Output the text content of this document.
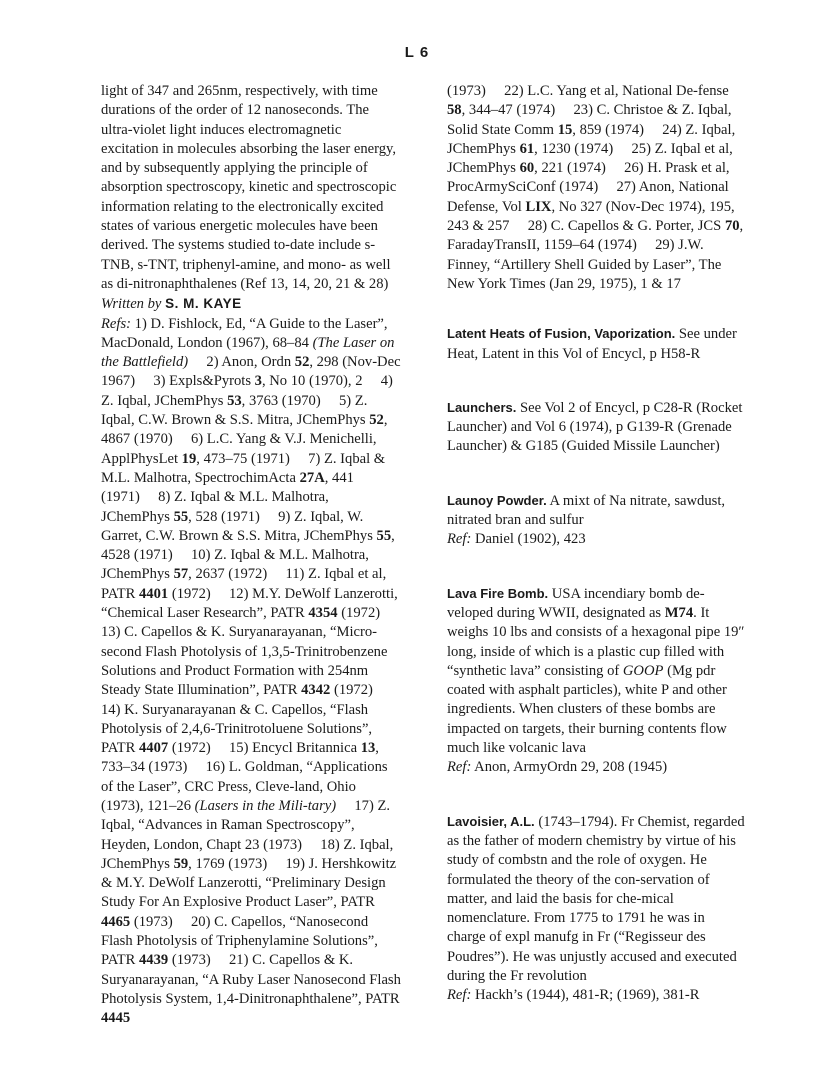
L 6

light of 347 and 265nm, respectively, with time durations of the order of 12 nanoseconds. The ultra-violet light induces electromagnetic excitation in molecules absorbing the laser energy, and by subsequently applying the principle of absorption spectroscopy, kinetic and spectroscopic information relating to the electronically excited states of various energetic molecules have been derived. The systems studied to-date include s-TNB, s-TNT, triphenyl-amine, and mono- as well as di-nitronaphthalenes (Ref 13, 14, 20, 21 & 28)

Written by S. M. KAYE

Refs: 1) D. Fishlock, Ed, “A Guide to the Laser”, MacDonald, London (1967), 68–84 (The Laser on the Battlefield)  2) Anon, Ordn 52, 298 (Nov-Dec 1967)  3) Expls&Pyrots 3, No 10 (1970), 2  4) Z. Iqbal, JChemPhys 53, 3763 (1970)  5) Z. Iqbal, C.W. Brown & S.S. Mitra, JChemPhys 52, 4867 (1970)  6) L.C. Yang & V.J. Menichelli, ApplPhysLet 19, 473–75 (1971)  7) Z. Iqbal & M.L. Malhotra, SpectrochimActa 27A, 441 (1971)  8) Z. Iqbal & M.L. Malhotra, JChemPhys 55, 528 (1971)  9) Z. Iqbal, W. Garret, C.W. Brown & S.S. Mitra, JChemPhys 55, 4528 (1971)  10) Z. Iqbal & M.L. Malhotra, JChemPhys 57, 2637 (1972)  11) Z. Iqbal et al, PATR 4401 (1972)  12) M.Y. DeWolf Lanzerotti, “Chemical Laser Research”, PATR 4354 (1972)  13) C. Capellos & K. Suryanarayanan, “Micro-second Flash Photolysis of 1,3,5-Trinitrobenzene Solutions and Product Formation with 254nm Steady State Illumination”, PATR 4342 (1972)  14) K. Suryanarayanan & C. Capellos, “Flash Photolysis of 2,4,6-Trinitrotoluene Solutions”, PATR 4407 (1972)  15) Encycl Britannica 13, 733–34 (1973)  16) L. Goldman, “Applications of the Laser”, CRC Press, Cleve-land, Ohio (1973), 121–26 (Lasers in the Mili-tary)  17) Z. Iqbal, “Advances in Raman Spectroscopy”, Heyden, London, Chapt 23 (1973)  18) Z. Iqbal, JChemPhys 59, 1769 (1973)  19) J. Hershkowitz & M.Y. DeWolf Lanzerotti, “Preliminary Design Study For An Explosive Product Laser”, PATR 4465 (1973)  20) C. Capellos, “Nanosecond Flash Photolysis of Triphenylamine Solutions”, PATR 4439 (1973)  21) C. Capellos & K. Suryanarayanan, “A Ruby Laser Nanosecond Flash Photolysis System, 1,4-Dinitronaphthalene”, PATR 4445

(1973)  22) L.C. Yang et al, National De-fense 58, 344–47 (1974)  23) C. Christoe & Z. Iqbal, Solid State Comm 15, 859 (1974)  24) Z. Iqbal, JChemPhys 61, 1230 (1974)  25) Z. Iqbal et al, JChemPhys 60, 221 (1974)  26) H. Prask et al, ProcArmySciConf (1974)  27) Anon, National Defense, Vol LIX, No 327 (Nov-Dec 1974), 195, 243 & 257  28) C. Capellos & G. Porter, JCS 70, FaradayTransII, 1159–64 (1974)  29) J.W. Finney, “Artillery Shell Guided by Laser”, The New York Times (Jan 29, 1975), 1 & 17

Latent Heats of Fusion, Vaporization. See under Heat, Latent in this Vol of Encycl, p H58-R
Launchers. See Vol 2 of Encycl, p C28-R (Rocket Launcher) and Vol 6 (1974), p G139-R (Grenade Launcher) & G185 (Guided Missile Launcher)
Launoy Powder. A mixt of Na nitrate, sawdust, nitrated bran and sulfur

Ref: Daniel (1902), 423

Lava Fire Bomb. USA incendiary bomb de-veloped during WWII, designated as M74. It weighs 10 lbs and consists of a hexagonal pipe 19″ long, inside of which is a plastic cup filled with “synthetic lava” consisting of GOOP (Mg pdr coated with asphalt particles), white P and other ingredients. When clusters of these bombs are impacted on targets, their burning contents flow much like volcanic lava

Ref: Anon, ArmyOrdn 29, 208 (1945)

Lavoisier, A.L. (1743–1794). Fr Chemist, regarded as the father of modern chemistry by virtue of his study of combstn and the role of oxygen. He formulated the theory of the con-servation of matter, and laid the basis for che-mical nomenclature. From 1775 to 1791 he was in charge of expl manufg in Fr (“Regisseur des Poudres”). He was unjustly accused and executed during the Fr revolution

Ref: Hackh’s (1944), 481-R; (1969), 381-R
